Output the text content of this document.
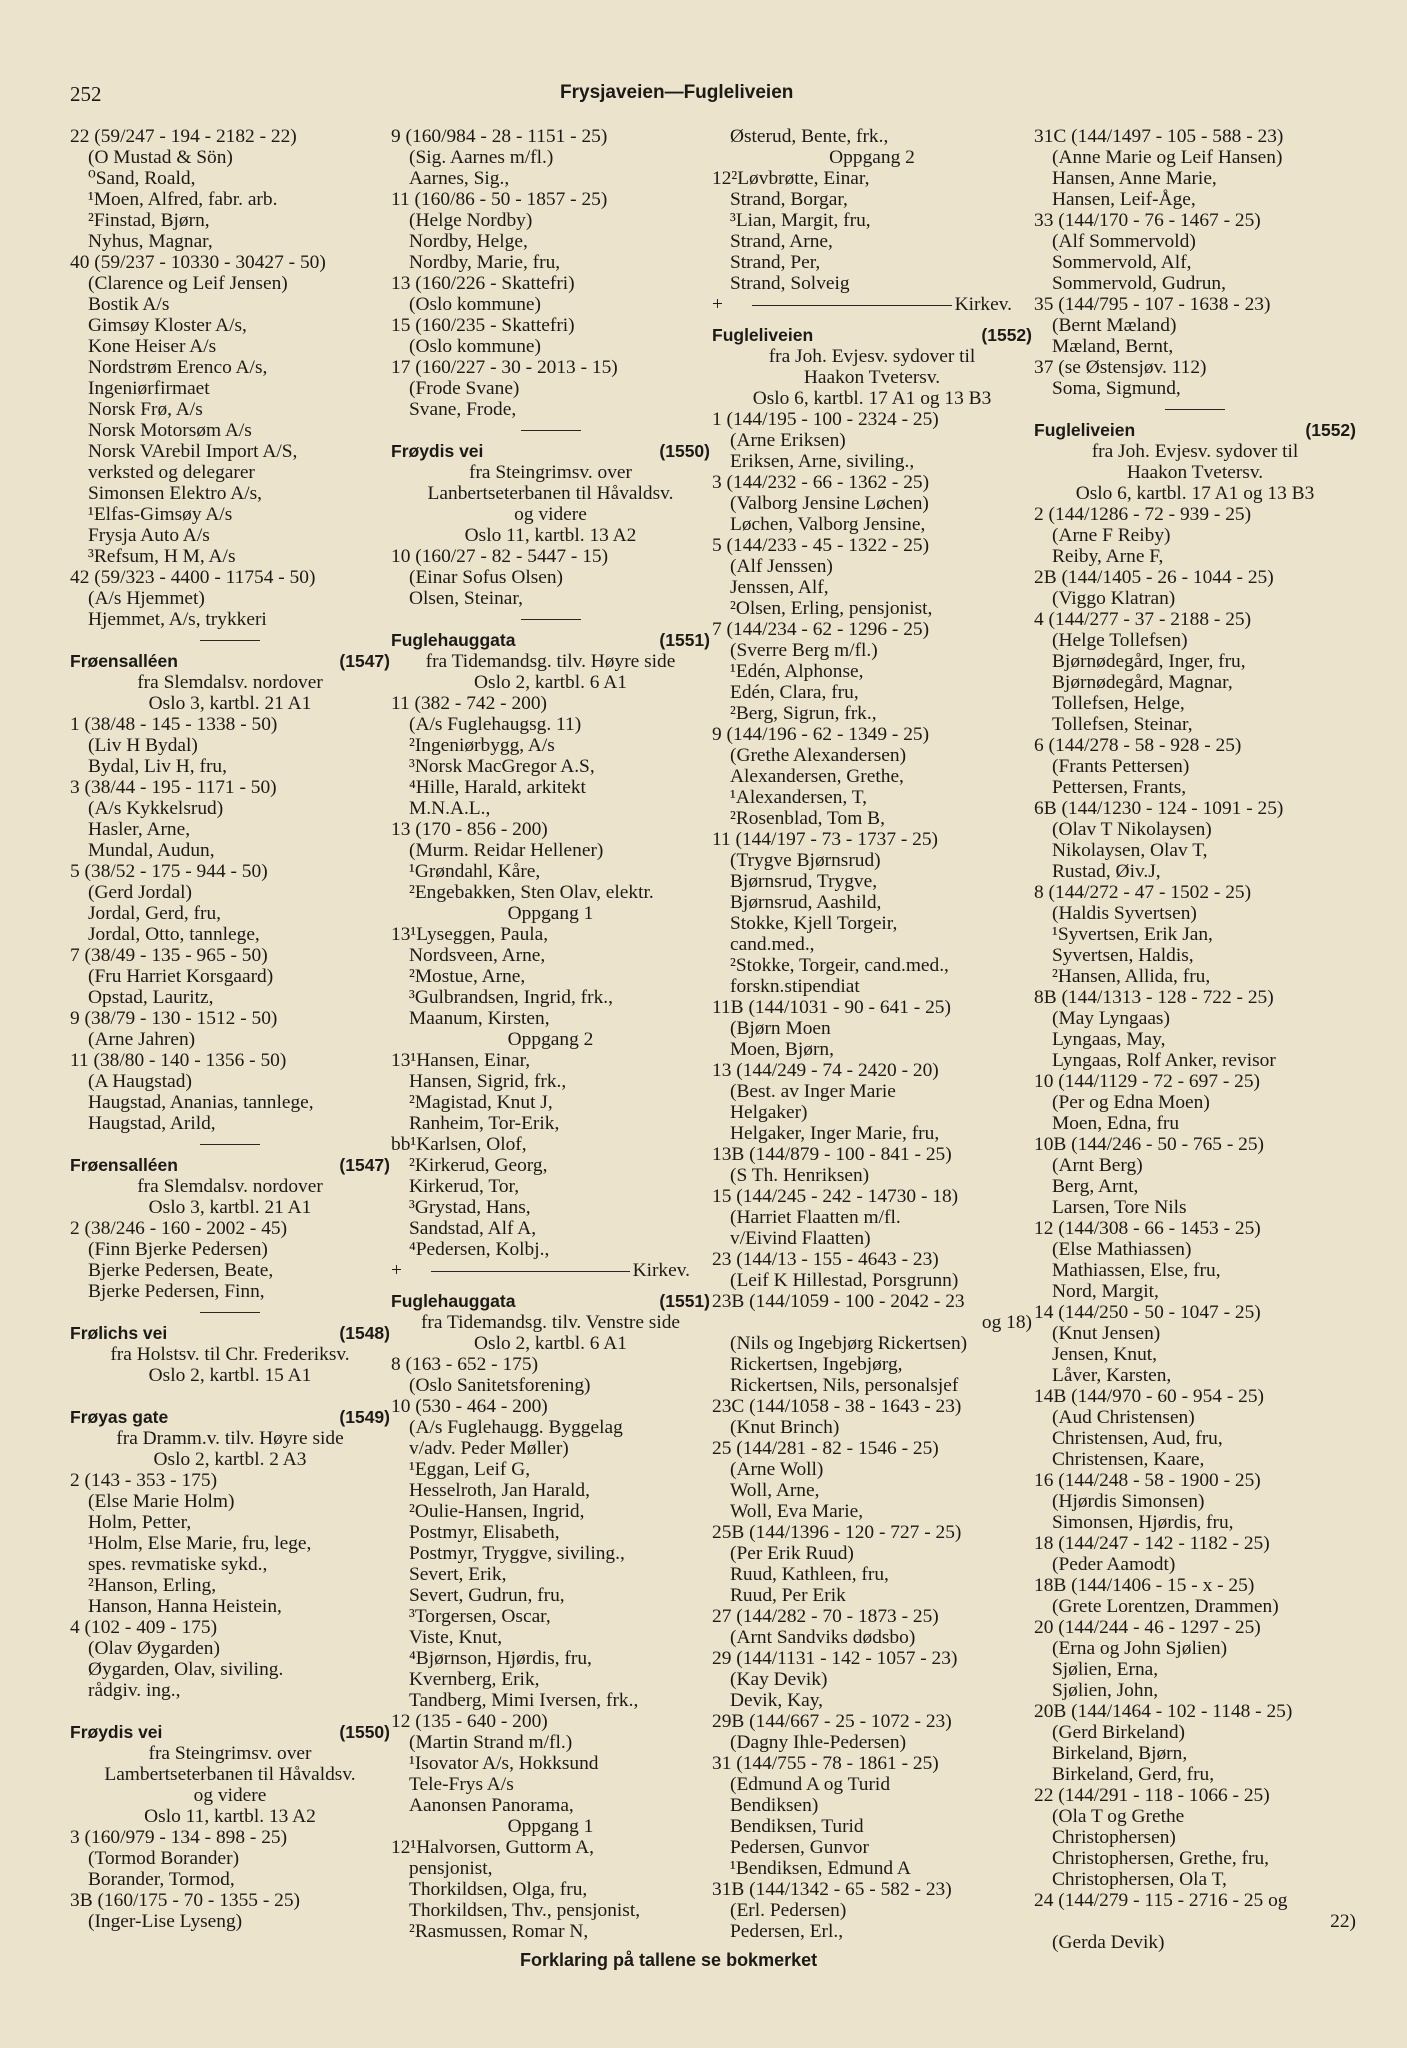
252	Frysjaveien—Fugleliveien
22 (59/247 - 194 - 2182 - 22)
(O Mustad & Sön)
⁰Sand, Roald,
¹Moen, Alfred, fabr. arb.
²Finstad, Bjørn,
Nyhus, Magnar,
40 (59/237 - 10330 - 30427 - 50)
(Clarence og Leif Jensen)
Bostik A/s
Gimsøy Kloster A/s,
Kone Heiser A/s
Nordstrøm Erenco A/s,
Ingeniørfirmaet
Norsk Frø, A/s
Norsk Motorsøm A/s
Norsk VArebil Import A/S,
verksted og delegarer
Simonsen Elektro A/s,
¹Elfas-Gimsøy A/s
Frysja Auto A/s
³Refsum, H M, A/s
42 (59/323 - 4400 - 11754 - 50)
(A/s Hjemmet)
Hjemmet, A/s, trykkeri
Frøensalléen	(1547)
fra Slemdalsv. nordover
Oslo 3, kartbl. 21 A1
1 (38/48 - 145 - 1338 - 50)
(Liv H Bydal)
Bydal, Liv H, fru,
3 (38/44 - 195 - 1171 - 50)
(A/s Kykkelsrud)
Hasler, Arne,
Mundal, Audun,
5 (38/52 - 175 - 944 - 50)
(Gerd Jordal)
Jordal, Gerd, fru,
Jordal, Otto, tannlege,
7 (38/49 - 135 - 965 - 50)
(Fru Harriet Korsgaard)
Opstad, Lauritz,
9 (38/79 - 130 - 1512 - 50)
(Arne Jahren)
11 (38/80 - 140 - 1356 - 50)
(A Haugstad)
Haugstad, Ananias, tannlege,
Haugstad, Arild,
Frøensalléen	(1547)
fra Slemdalsv. nordover
Oslo 3, kartbl. 21 A1
2 (38/246 - 160 - 2002 - 45)
(Finn Bjerke Pedersen)
Bjerke Pedersen, Beate,
Bjerke Pedersen, Finn,
Frølichs vei	(1548)
fra Holstsv. til Chr. Frederiksv.
Oslo 2, kartbl. 15 A1
Frøyas gate	(1549)
fra Dramm.v. tilv. Høyre side
Oslo 2, kartbl. 2 A3
2 (143 - 353 - 175)
(Else Marie Holm)
Holm, Petter,
¹Holm, Else Marie, fru, lege,
spes. revmatiske sykd.,
²Hanson, Erling,
Hanson, Hanna Heistein,
4 (102 - 409 - 175)
(Olav Øygarden)
Øygarden, Olav, siviling.
rådgiv. ing.,
Frøydis vei	(1550)
fra Steingrimsv. over
Lambertseterbanen til Håvaldsv.
og videre
Oslo 11, kartbl. 13 A2
3 (160/979 - 134 - 898 - 25)
(Tormod Borander)
Borander, Tormod,
3B (160/175 - 70 - 1355 - 25)
(Inger-Lise Lyseng)
9 (160/984 - 28 - 1151 - 25)
(Sig. Aarnes m/fl.)
Aarnes, Sig.,
11 (160/86 - 50 - 1857 - 25)
(Helge Nordby)
Nordby, Helge,
Nordby, Marie, fru,
13 (160/226 - Skattefri)
(Oslo kommune)
15 (160/235 - Skattefri)
(Oslo kommune)
17 (160/227 - 30 - 2013 - 15)
(Frode Svane)
Svane, Frode,
Frøydis vei	(1550)
fra Steingrimsv. over
Lanbertseterbanen til Håvaldsv.
og videre
Oslo 11, kartbl. 13 A2
10 (160/27 - 82 - 5447 - 15)
(Einar Sofus Olsen)
Olsen, Steinar,
Fuglehauggata	(1551)
fra Tidemandsg. tilv. Høyre side
Oslo 2, kartbl. 6 A1
11 (382 - 742 - 200)
(A/s Fuglehaugsg. 11)
²Ingeniørbygg, A/s
³Norsk MacGregor A.S,
⁴Hille, Harald, arkitekt
M.N.A.L.,
13 (170 - 856 - 200)
(Murm. Reidar Hellener)
¹Grøndahl, Kåre,
²Engebakken, Sten Olav, elektr.
Oppgang 1
13¹Lyseggen, Paula,
Nordsveen, Arne,
²Mostue, Arne,
³Gulbrandsen, Ingrid, frk.,
Maanum, Kirsten,
Oppgang 2
13¹Hansen, Einar,
Hansen, Sigrid, frk.,
²Magistad, Knut J,
Ranheim, Tor-Erik,
bb¹Karlsen, Olof,
²Kirkerud, Georg,
Kirkerud, Tor,
³Grystad, Hans,
Sandstad, Alf A,
⁴Pedersen, Kolbj.,
+	Kirkev.
Fuglehauggata	(1551)
fra Tidemandsg. tilv. Venstre side
Oslo 2, kartbl. 6 A1
8 (163 - 652 - 175)
(Oslo Sanitetsforening)
10 (530 - 464 - 200)
(A/s Fuglehaugg. Byggelag
v/adv. Peder Møller)
¹Eggan, Leif G,
Hesselroth, Jan Harald,
²Oulie-Hansen, Ingrid,
Postmyr, Elisabeth,
Postmyr, Tryggve, siviling.,
Severt, Erik,
Severt, Gudrun, fru,
³Torgersen, Oscar,
Viste, Knut,
⁴Bjørnson, Hjørdis, fru,
Kvernberg, Erik,
Tandberg, Mimi Iversen, frk.,
12 (135 - 640 - 200)
(Martin Strand m/fl.)
¹Isovator A/s, Hokksund
Tele-Frys A/s
Aanonsen Panorama,
Oppgang 1
12¹Halvorsen, Guttorm A,
pensjonist,
Thorkildsen, Olga, fru,
Thorkildsen, Thv., pensjonist,
²Rasmussen, Romar N,
Østerud, Bente, frk.,
Oppgang 2
12²Løvbrøtte, Einar,
Strand, Borgar,
³Lian, Margit, fru,
Strand, Arne,
Strand, Per,
Strand, Solveig
+	Kirkev.
Fugleliveien	(1552)
fra Joh. Evjesv. sydover til
Haakon Tvetersv.
Oslo 6, kartbl. 17 A1 og 13 B3
1 (144/195 - 100 - 2324 - 25)
(Arne Eriksen)
Eriksen, Arne, siviling.,
3 (144/232 - 66 - 1362 - 25)
(Valborg Jensine Løchen)
Løchen, Valborg Jensine,
5 (144/233 - 45 - 1322 - 25)
(Alf Jenssen)
Jenssen, Alf,
²Olsen, Erling, pensjonist,
7 (144/234 - 62 - 1296 - 25)
(Sverre Berg m/fl.)
¹Edén, Alphonse,
Edén, Clara, fru,
²Berg, Sigrun, frk.,
9 (144/196 - 62 - 1349 - 25)
(Grethe Alexandersen)
Alexandersen, Grethe,
¹Alexandersen, T,
²Rosenblad, Tom B,
11 (144/197 - 73 - 1737 - 25)
(Trygve Bjørnsrud)
Bjørnsrud, Trygve,
Bjørnsrud, Aashild,
Stokke, Kjell Torgeir,
cand.med.,
²Stokke, Torgeir, cand.med.,
forskn.stipendiat
11B (144/1031 - 90 - 641 - 25)
(Bjørn Moen
Moen, Bjørn,
13 (144/249 - 74 - 2420 - 20)
(Best. av Inger Marie
Helgaker)
Helgaker, Inger Marie, fru,
13B (144/879 - 100 - 841 - 25)
(S Th. Henriksen)
15 (144/245 - 242 - 14730 - 18)
(Harriet Flaatten m/fl.
v/Eivind Flaatten)
23 (144/13 - 155 - 4643 - 23)
(Leif K Hillestad, Porsgrunn)
23B (144/1059 - 100 - 2042 - 23
og 18)
(Nils og Ingebjørg Rickertsen)
Rickertsen, Ingebjørg,
Rickertsen, Nils, personalsjef
23C (144/1058 - 38 - 1643 - 23)
(Knut Brinch)
25 (144/281 - 82 - 1546 - 25)
(Arne Woll)
Woll, Arne,
Woll, Eva Marie,
25B (144/1396 - 120 - 727 - 25)
(Per Erik Ruud)
Ruud, Kathleen, fru,
Ruud, Per Erik
27 (144/282 - 70 - 1873 - 25)
(Arnt Sandviks dødsbo)
29 (144/1131 - 142 - 1057 - 23)
(Kay Devik)
Devik, Kay,
29B (144/667 - 25 - 1072 - 23)
(Dagny Ihle-Pedersen)
31 (144/755 - 78 - 1861 - 25)
(Edmund A og Turid
Bendiksen)
Bendiksen, Turid
Pedersen, Gunvor
¹Bendiksen, Edmund A
31B (144/1342 - 65 - 582 - 23)
(Erl. Pedersen)
Pedersen, Erl.,
31C (144/1497 - 105 - 588 - 23)
(Anne Marie og Leif Hansen)
Hansen, Anne Marie,
Hansen, Leif-Åge,
33 (144/170 - 76 - 1467 - 25)
(Alf Sommervold)
Sommervold, Alf,
Sommervold, Gudrun,
35 (144/795 - 107 - 1638 - 23)
(Bernt Mæland)
Mæland, Bernt,
37 (se Østensjøv. 112)
Soma, Sigmund,
Fugleliveien	(1552)
fra Joh. Evjesv. sydover til
Haakon Tvetersv.
Oslo 6, kartbl. 17 A1 og 13 B3
2 (144/1286 - 72 - 939 - 25)
(Arne F Reiby)
Reiby, Arne F,
2B (144/1405 - 26 - 1044 - 25)
(Viggo Klatran)
4 (144/277 - 37 - 2188 - 25)
(Helge Tollefsen)
Bjørnødegård, Inger, fru,
Bjørnødegård, Magnar,
Tollefsen, Helge,
Tollefsen, Steinar,
6 (144/278 - 58 - 928 - 25)
(Frants Pettersen)
Pettersen, Frants,
6B (144/1230 - 124 - 1091 - 25)
(Olav T Nikolaysen)
Nikolaysen, Olav T,
Rustad, Øiv.J,
8 (144/272 - 47 - 1502 - 25)
(Haldis Syvertsen)
¹Syvertsen, Erik Jan,
Syvertsen, Haldis,
²Hansen, Allida, fru,
8B (144/1313 - 128 - 722 - 25)
(May Lyngaas)
Lyngaas, May,
Lyngaas, Rolf Anker, revisor
10 (144/1129 - 72 - 697 - 25)
(Per og Edna Moen)
Moen, Edna, fru
10B (144/246 - 50 - 765 - 25)
(Arnt Berg)
Berg, Arnt,
Larsen, Tore Nils
12 (144/308 - 66 - 1453 - 25)
(Else Mathiassen)
Mathiassen, Else, fru,
Nord, Margit,
14 (144/250 - 50 - 1047 - 25)
(Knut Jensen)
Jensen, Knut,
Låver, Karsten,
14B (144/970 - 60 - 954 - 25)
(Aud Christensen)
Christensen, Aud, fru,
Christensen, Kaare,
16 (144/248 - 58 - 1900 - 25)
(Hjørdis Simonsen)
Simonsen, Hjørdis, fru,
18 (144/247 - 142 - 1182 - 25)
(Peder Aamodt)
18B (144/1406 - 15 - x - 25)
(Grete Lorentzen, Drammen)
20 (144/244 - 46 - 1297 - 25)
(Erna og John Sjølien)
Sjølien, Erna,
Sjølien, John,
20B (144/1464 - 102 - 1148 - 25)
(Gerd Birkeland)
Birkeland, Bjørn,
Birkeland, Gerd, fru,
22 (144/291 - 118 - 1066 - 25)
(Ola T og Grethe
Christophersen)
Christophersen, Grethe, fru,
Christophersen, Ola T,
24 (144/279 - 115 - 2716 - 25 og
22)
(Gerda Devik)
Forklaring på tallene se bokmerket
